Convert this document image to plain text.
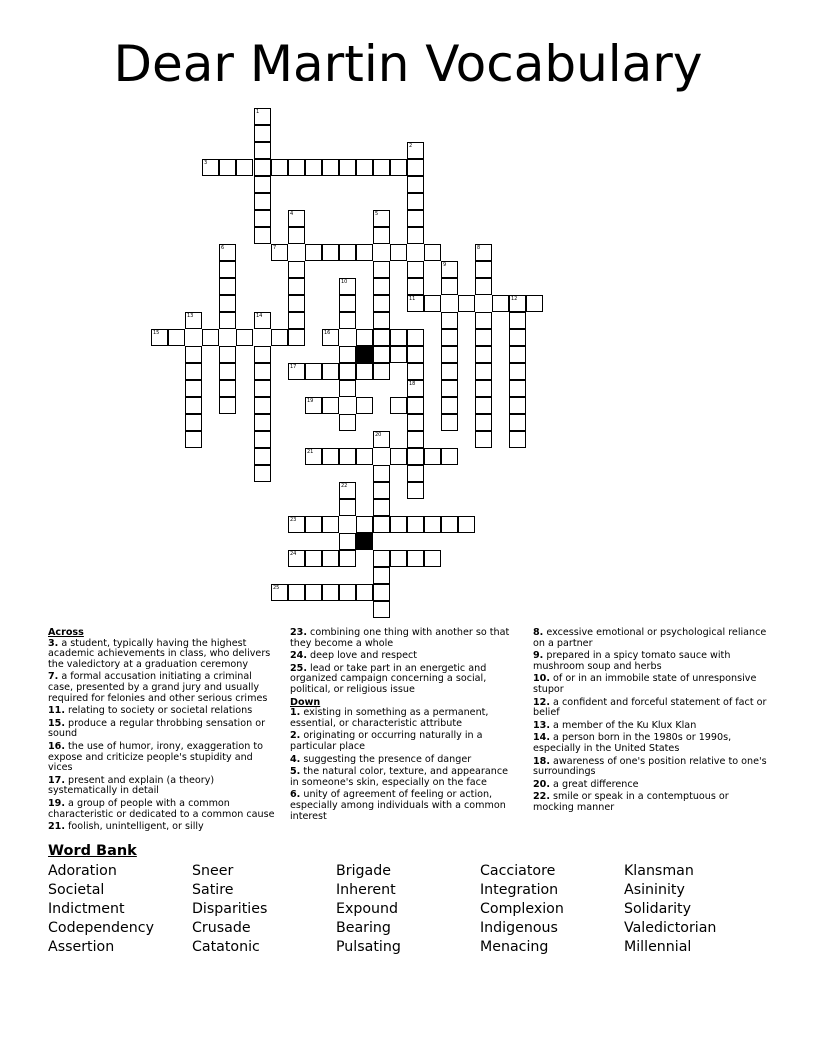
Dear Martin Vocabulary
1
2
3
4	5
6	7	8
9
10
11	12
13	14
15	16
17
18
19
20
21
22
23
24
25
Across
3. a student, typically having the highest academic achievements in class, who delivers the valedictory at a graduation ceremony
7. a formal accusation initiating a criminal case, presented by a grand jury and usually required for felonies and other serious crimes
11. relating to society or societal relations
15. produce a regular throbbing sensation or sound
16. the use of humor, irony, exaggeration to expose and criticize people's stupidity and vices
17. present and explain (a theory) systematically in detail
19. a group of people with a common characteristic or dedicated to a common cause
21. foolish, unintelligent, or silly
23. combining one thing with another so that they become a whole
24. deep love and respect
25. lead or take part in an energetic and organized campaign concerning a social, political, or religious issue
Down
1. existing in something as a permanent, essential, or characteristic attribute
2. originating or occurring naturally in a particular place
4. suggesting the presence of danger
5. the natural color, texture, and appearance in someone's skin, especially on the face
6. unity of agreement of feeling or action, especially among individuals with a common interest
8. excessive emotional or psychological reliance on a partner
9. prepared in a spicy tomato sauce with mushroom soup and herbs
10. of or in an immobile state of unresponsive stupor
12. a confident and forceful statement of fact or belief
13. a member of the Ku Klux Klan
14. a person born in the 1980s or 1990s, especially in the United States
18. awareness of one's position relative to one's surroundings
20. a great difference
22. smile or speak in a contemptuous or mocking manner
Word Bank
Adoration
Societal
Indictment
Codependency
Assertion
Sneer
Satire
Disparities
Crusade
Catatonic
Brigade
Inherent
Expound
Bearing
Pulsating
Cacciatore
Integration
Complexion
Indigenous
Menacing
Klansman
Asininity
Solidarity
Valedictorian
Millennial
